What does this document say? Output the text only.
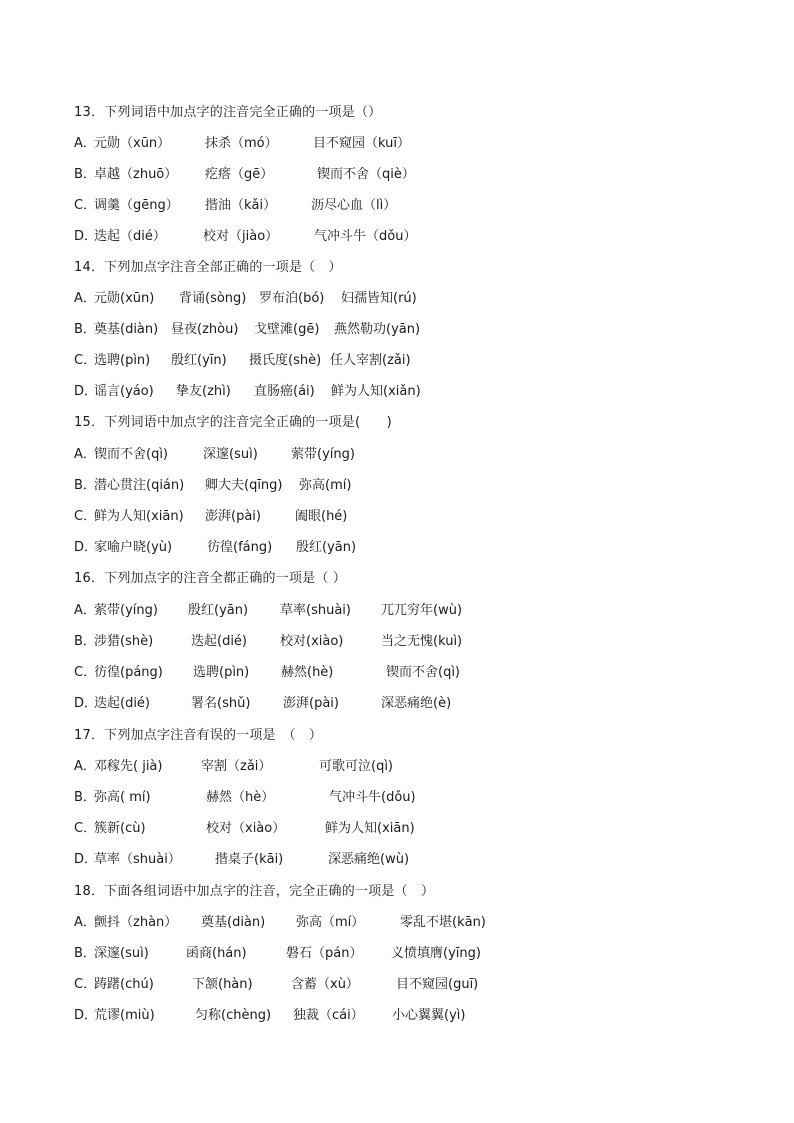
13．下列词语中加点字的注音完全正确的一项是（）
A．元勋（xūn）	抹杀（mó）	目不窥园（kuī）
B．卓越（zhuō） 疙瘩（gē）	锲而不舍（qiè）
C．调羹（gēng） 揩油（kǎi）	沥尽心血（lì）
D．迭起（dié）	校对（jiào）	气冲斗牛（dǒu）
14．下列加点字注音全部正确的一项是（　）
A．元勋(xūn) 背诵(sòng) 罗布泊(bó) 妇孺皆知(rú)
B．奠基(diàn) 昼夜(zhòu) 戈壁滩(gē) 燕然勒功(yān)
C．选聘(pìn) 殷红(yīn) 摄氏度(shè) 任人宰割(zǎi)
D．谣言(yáo) 挚友(zhì) 直肠癌(ái) 鲜为人知(xiǎn)
15．下列词语中加点字的注音完全正确的一项是(　　)
A．锲而不舍(qì)	深邃(suì)	萦带(yíng)
B．潜心贯注(qián) 卿大夫(qīng) 弥高(mí)
C．鲜为人知(xiān) 澎湃(pài)	阖眼(hé)
D．家喻户晓(yù)	彷徨(fáng) 殷红(yān)
16．下列加点字的注音全都正确的一项是（ ）
A．萦带(yíng) 殷红(yān) 草率(shuài) 兀兀穷年(wù)
B．涉猎(shè)	迭起(dié)	校对(xiào)	当之无愧(kuì)
C．彷徨(páng) 选聘(pìn) 赫然(hè)	锲而不舍(qì)
D．迭起(dié)	署名(shǔ)	澎湃(pài)	深恶痛绝(è)
17．下列加点字注音有误的一项是　（　）
A．邓稼先( jià)	宰割（zǎi）	可歌可泣(qì)
B．弥高( mí)	赫然（hè）	气冲斗牛(dǒu)
C．簇新(cù)	校对（xiào）	鲜为人知(xiān)
D．草率（shuài）	揩桌子(kāi)	深恶痛绝(wù)
18．下面各组词语中加点字的注音，完全正确的一项是（　）
A．颤抖（zhàn） 奠基(diàn) 弥高（mí）	零乱不堪(kān)
B．深邃(suì)	函商(hán)	磐石（pán） 义愤填膺(yīng)
C．踌躇(chú)	下颔(hàn)	含蓄（xù）	目不窥园(guī)
D．荒谬(miù)	匀称(chèng) 独裁（cái） 小心翼翼(yì)
